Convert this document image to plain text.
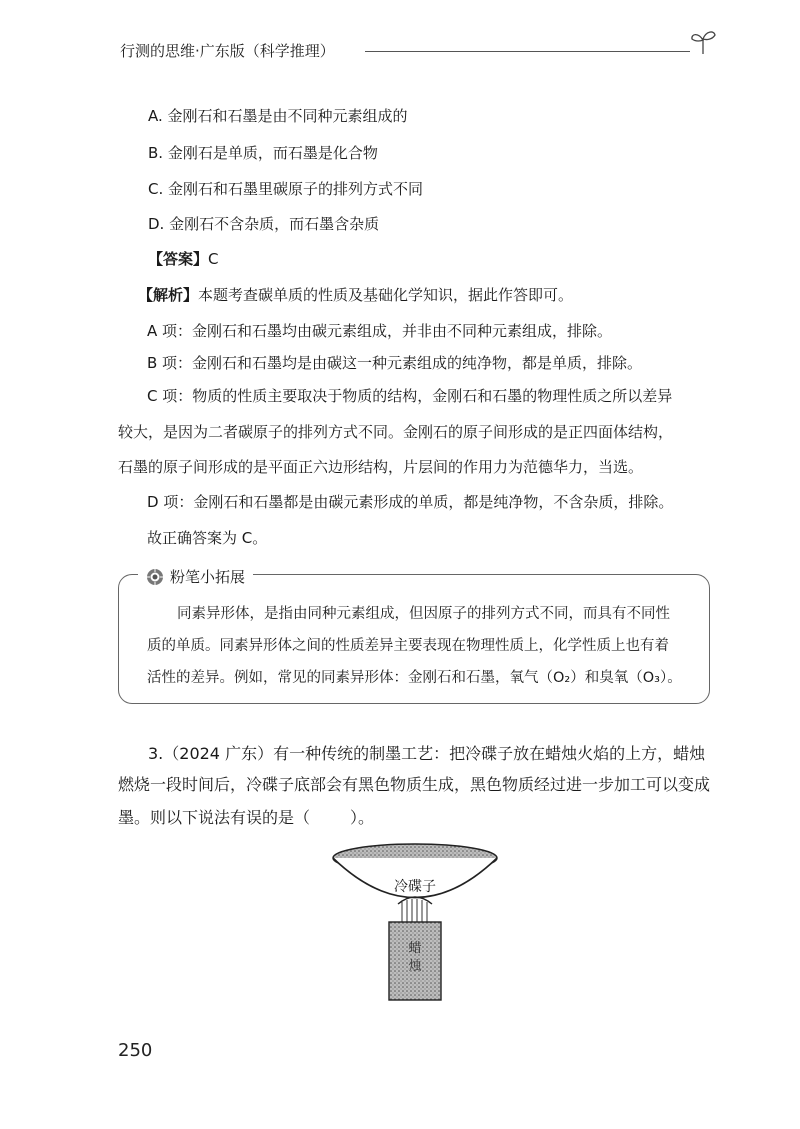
行测的思维·广东版（科学推理）
A. 金刚石和石墨是由不同种元素组成的
B. 金刚石是单质，而石墨是化合物
C. 金刚石和石墨里碳原子的排列方式不同
D. 金刚石不含杂质，而石墨含杂质
【答案】C
【解析】本题考查碳单质的性质及基础化学知识，据此作答即可。
A 项：金刚石和石墨均由碳元素组成，并非由不同种元素组成，排除。
B 项：金刚石和石墨均是由碳这一种元素组成的纯净物，都是单质，排除。
C 项：物质的性质主要取决于物质的结构，金刚石和石墨的物理性质之所以差异
较大，是因为二者碳原子的排列方式不同。金刚石的原子间形成的是正四面体结构，
石墨的原子间形成的是平面正六边形结构，片层间的作用力为范德华力，当选。
D 项：金刚石和石墨都是由碳元素形成的单质，都是纯净物，不含杂质，排除。
故正确答案为 C。
粉笔小拓展
同素异形体，是指由同种元素组成，但因原子的排列方式不同，而具有不同性
质的单质。同素异形体之间的性质差异主要表现在物理性质上，化学性质上也有着
活性的差异。例如，常见的同素异形体：金刚石和石墨，氧气（O₂）和臭氧（O₃）。
3.（2024 广东）有一种传统的制墨工艺：把冷碟子放在蜡烛火焰的上方，蜡烛
燃烧一段时间后，冷碟子底部会有黑色物质生成，黑色物质经过进一步加工可以变成
墨。则以下说法有误的是（	）。
蜡烛
冷碟子
250
